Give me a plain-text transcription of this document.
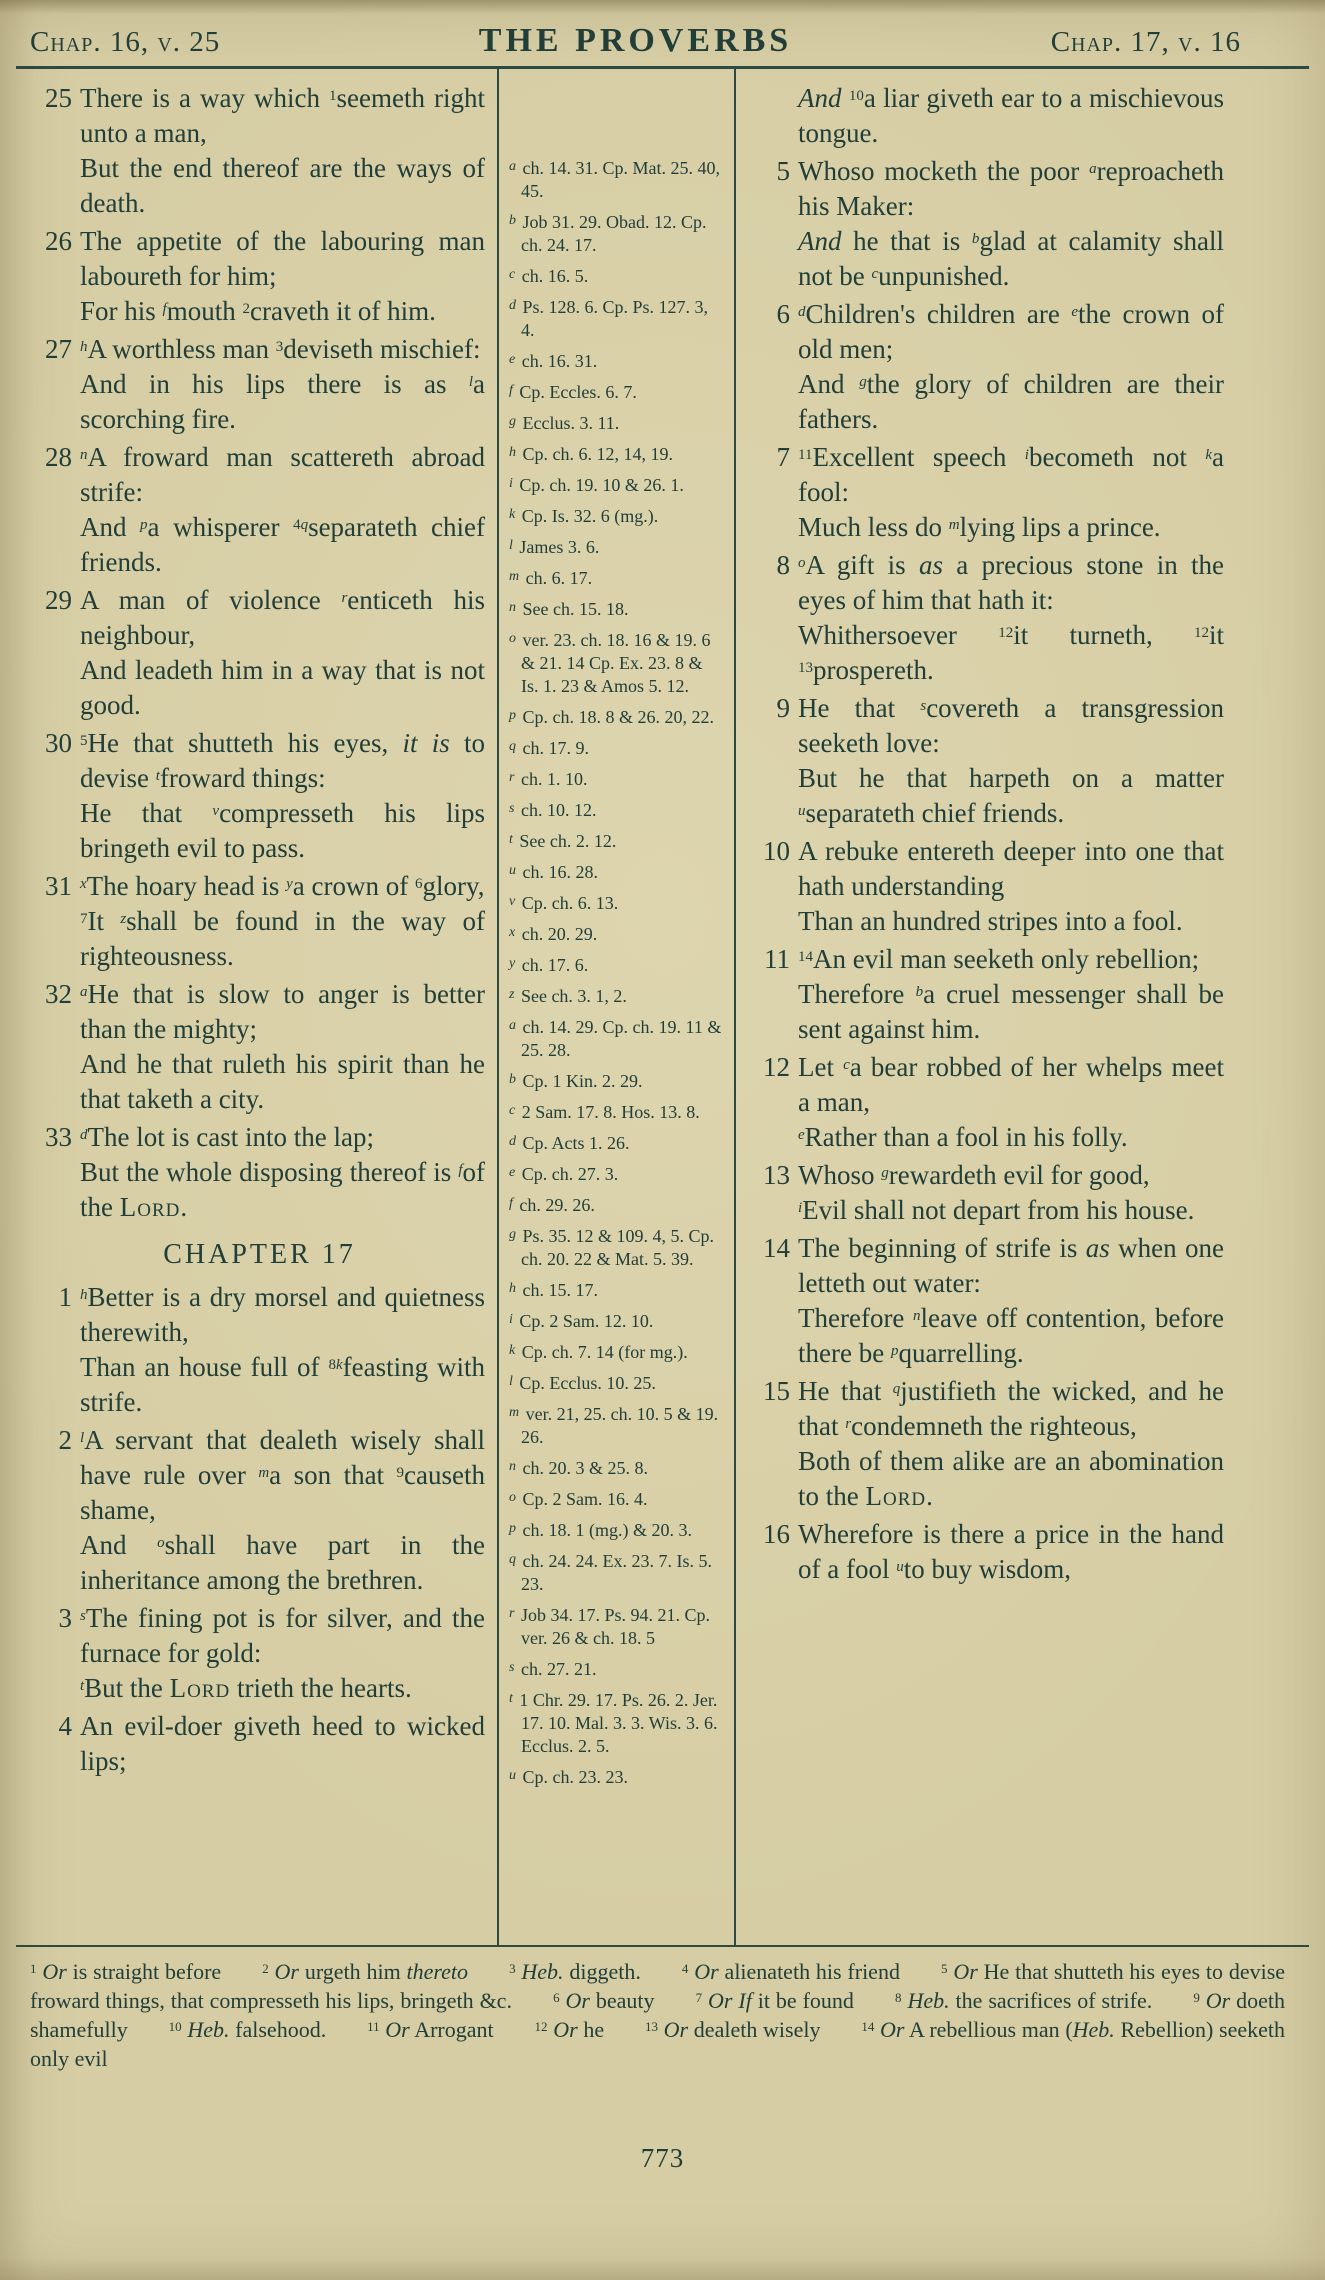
Chap. 16, v. 25	THE PROVERBS	Chap. 17, v. 16
25 There is a way which $^1$seemeth right unto a man,

But the end thereof are the ways of death.

26 The appetite of the labouring man laboureth for him;

For his $^f$mouth $^2$craveth it of him.

27 $^h$A worthless man $^3$deviseth mischief:

And in his lips there is as $^l$a scorching fire.

28 $^n$A froward man scattereth abroad strife:

And $^p$a whisperer $^{4q}$separateth chief friends.

29 A man of violence $^r$enticeth his neighbour,

And leadeth him in a way that is not good.

30 $^5$He that shutteth his eyes, it is to devise $^t$froward things:

He that $^v$compresseth his lips bringeth evil to pass.

31 $^x$The hoary head is $^y$a crown of $^6$glory,

$^7$It $^z$shall be found in the way of righteousness.

32 $^a$He that is slow to anger is better than the mighty;

And he that ruleth his spirit than he that taketh a city.

33 $^d$The lot is cast into the lap;

But the whole disposing thereof is $^f$of the Lord.

CHAPTER 17
1 $^h$Better is a dry morsel and quietness therewith,

Than an house full of $^{8k}$feasting with strife.

2 $^l$A servant that dealeth wisely shall have rule over $^m$a son that $^9$causeth shame,

And $^o$shall have part in the inheritance among the brethren.

3 $^s$The fining pot is for silver, and the furnace for gold:

$^t$But the Lord trieth the hearts.

4 An evil-doer giveth heed to wicked lips;

$^a$ ch. 14. 31. Cp. Mat. 25. 40, 45.

$^b$ Job 31. 29. Obad. 12. Cp. ch. 24. 17.

$^c$ ch. 16. 5.

$^d$ Ps. 128. 6. Cp. Ps. 127. 3, 4.

$^e$ ch. 16. 31.

$^f$ Cp. Eccles. 6. 7.

$^g$ Ecclus. 3. 11.

$^h$ Cp. ch. 6. 12, 14, 19.

$^i$ Cp. ch. 19. 10 & 26. 1.

$^k$ Cp. Is. 32. 6 (mg.).

$^l$ James 3. 6.

$^m$ ch. 6. 17.

$^n$ See ch. 15. 18.

$^o$ ver. 23. ch. 18. 16 & 19. 6 & 21. 14 Cp. Ex. 23. 8 & Is. 1. 23 & Amos 5. 12.

$^p$ Cp. ch. 18. 8 & 26. 20, 22.

$^q$ ch. 17. 9.

$^r$ ch. 1. 10.

$^s$ ch. 10. 12.

$^t$ See ch. 2. 12.

$^u$ ch. 16. 28.

$^v$ Cp. ch. 6. 13.

$^x$ ch. 20. 29.

$^y$ ch. 17. 6.

$^z$ See ch. 3. 1, 2.

$^a$ ch. 14. 29. Cp. ch. 19. 11 & 25. 28.

$^b$ Cp. 1 Kin. 2. 29.

$^c$ 2 Sam. 17. 8. Hos. 13. 8.

$^d$ Cp. Acts 1. 26.

$^e$ Cp. ch. 27. 3.

$^f$ ch. 29. 26.

$^g$ Ps. 35. 12 & 109. 4, 5. Cp. ch. 20. 22 & Mat. 5. 39.

$^h$ ch. 15. 17.

$^i$ Cp. 2 Sam. 12. 10.

$^k$ Cp. ch. 7. 14 (for mg.).

$^l$ Cp. Ecclus. 10. 25.

$^m$ ver. 21, 25. ch. 10. 5 & 19. 26.

$^n$ ch. 20. 3 & 25. 8.

$^o$ Cp. 2 Sam. 16. 4.

$^p$ ch. 18. 1 (mg.) & 20. 3.

$^q$ ch. 24. 24. Ex. 23. 7. Is. 5. 23.

$^r$ Job 34. 17. Ps. 94. 21. Cp. ver. 26 & ch. 18. 5

$^s$ ch. 27. 21.

$^t$ 1 Chr. 29. 17. Ps. 26. 2. Jer. 17. 10. Mal. 3. 3. Wis. 3. 6. Ecclus. 2. 5.

$^u$ Cp. ch. 23. 23.

And $^{10}$a liar giveth ear to a mischievous tongue.

5 Whoso mocketh the poor $^a$reproacheth his Maker:

And he that is $^b$glad at calamity shall not be $^c$unpunished.

6 $^d$Children's children are $^e$the crown of old men;

And $^g$the glory of children are their fathers.

7 $^{11}$Excellent speech $^i$becometh not $^k$a fool:

Much less do $^m$lying lips a prince.

8 $^o$A gift is as a precious stone in the eyes of him that hath it:

Whithersoever $^{12}$it turneth, $^{12}$it $^{13}$prospereth.

9 He that $^s$covereth a transgression seeketh love:

But he that harpeth on a matter $^u$separateth chief friends.

10 A rebuke entereth deeper into one that hath understanding

Than an hundred stripes into a fool.

11 $^{14}$An evil man seeketh only rebellion;

Therefore $^b$a cruel messenger shall be sent against him.

12 Let $^c$a bear robbed of her whelps meet a man,

$^e$Rather than a fool in his folly.

13 Whoso $^g$rewardeth evil for good,

$^i$Evil shall not depart from his house.

14 The beginning of strife is as when one letteth out water:

Therefore $^n$leave off contention, before there be $^p$quarrelling.

15 He that $^q$justifieth the wicked, and he that $^r$condemneth the righteous,

Both of them alike are an abomination to the Lord.

16 Wherefore is there a price in the hand of a fool $^u$to buy wisdom,

$^1$ Or is straight before	$^2$ Or urgeth him thereto	$^3$ Heb. diggeth.	$^4$ Or alienateth his friend	$^5$ Or He that shutteth his eyes to devise froward things, that compresseth his lips, bringeth &c.	$^6$ Or beauty	$^7$ Or If it be found	$^8$ Heb. the sacrifices of strife.	$^9$ Or doeth shamefully	$^{10}$ Heb. falsehood.	$^{11}$ Or Arrogant	$^{12}$ Or he	$^{13}$ Or dealeth wisely	$^{14}$ Or A rebellious man (Heb. Rebellion) seeketh only evil
773
